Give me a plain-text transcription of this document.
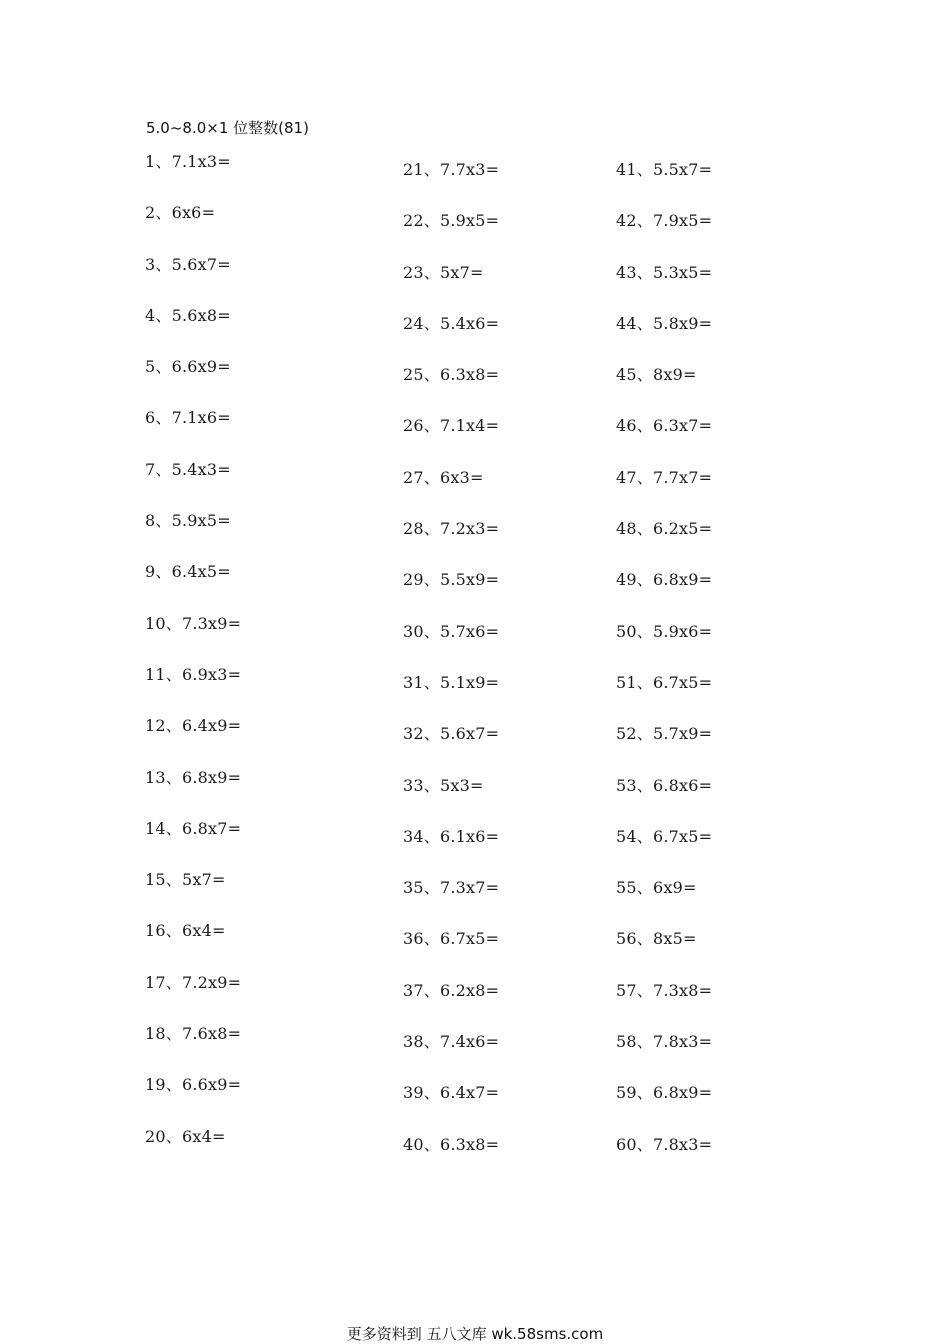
5.0~8.0×1 位整数(81)
1、7.1x3=
2、6x6=
3、5.6x7=
4、5.6x8=
5、6.6x9=
6、7.1x6=
7、5.4x3=
8、5.9x5=
9、6.4x5=
10、7.3x9=
11、6.9x3=
12、6.4x9=
13、6.8x9=
14、6.8x7=
15、5x7=
16、6x4=
17、7.2x9=
18、7.6x8=
19、6.6x9=
20、6x4=
21、7.7x3=
22、5.9x5=
23、5x7=
24、5.4x6=
25、6.3x8=
26、7.1x4=
27、6x3=
28、7.2x3=
29、5.5x9=
30、5.7x6=
31、5.1x9=
32、5.6x7=
33、5x3=
34、6.1x6=
35、7.3x7=
36、6.7x5=
37、6.2x8=
38、7.4x6=
39、6.4x7=
40、6.3x8=
41、5.5x7=
42、7.9x5=
43、5.3x5=
44、5.8x9=
45、8x9=
46、6.3x7=
47、7.7x7=
48、6.2x5=
49、6.8x9=
50、5.9x6=
51、6.7x5=
52、5.7x9=
53、6.8x6=
54、6.7x5=
55、6x9=
56、8x5=
57、7.3x8=
58、7.8x3=
59、6.8x9=
60、7.8x3=
更多资料到 五八文库 wk.58sms.com
